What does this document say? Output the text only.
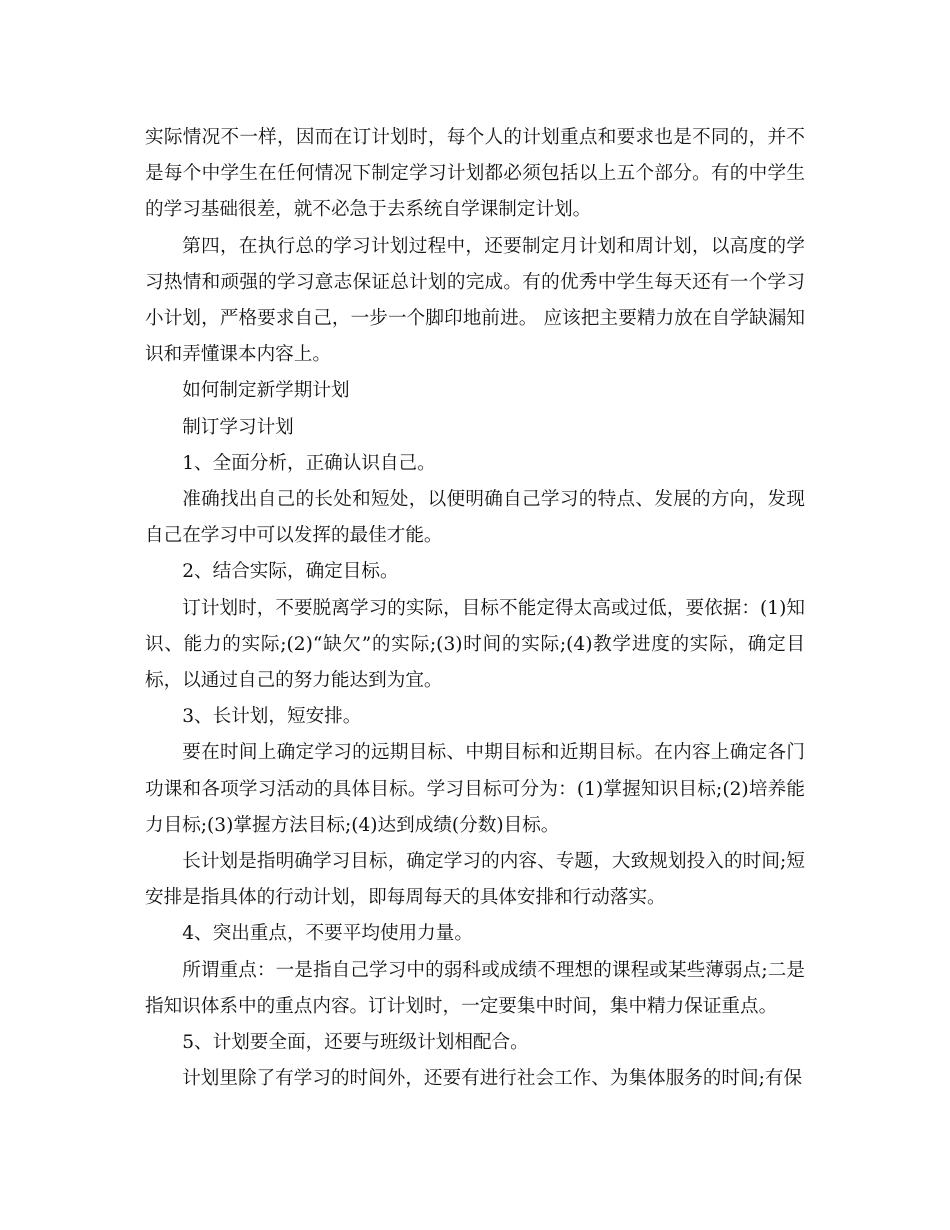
实际情况不一样，因而在订计划时，每个人的计划重点和要求也是不同的，并不是每个中学生在任何情况下制定学习计划都必须包括以上五个部分。有的中学生的学习基础很差，就不必急于去系统自学课制定计划。

第四，在执行总的学习计划过程中，还要制定月计划和周计划，以高度的学习热情和顽强的学习意志保证总计划的完成。有的优秀中学生每天还有一个学习小计划，严格要求自己，一步一个脚印地前进。 应该把主要精力放在自学缺漏知识和弄懂课本内容上。

如何制定新学期计划

制订学习计划

1、全面分析，正确认识自己。

准确找出自己的长处和短处，以便明确自己学习的特点、发展的方向，发现自己在学习中可以发挥的最佳才能。

2、结合实际，确定目标。

订计划时，不要脱离学习的实际，目标不能定得太高或过低，要依据：(1)知识、能力的实际;(2)“缺欠”的实际;(3)时间的实际;(4)教学进度的实际，确定目标，以通过自己的努力能达到为宜。

3、长计划，短安排。

要在时间上确定学习的远期目标、中期目标和近期目标。在内容上确定各门功课和各项学习活动的具体目标。学习目标可分为：(1)掌握知识目标;(2)培养能力目标;(3)掌握方法目标;(4)达到成绩(分数)目标。

长计划是指明确学习目标，确定学习的内容、专题，大致规划投入的时间;短安排是指具体的行动计划，即每周每天的具体安排和行动落实。

4、突出重点，不要平均使用力量。

所谓重点：一是指自己学习中的弱科或成绩不理想的课程或某些薄弱点;二是指知识体系中的重点内容。订计划时，一定要集中时间，集中精力保证重点。

5、计划要全面，还要与班级计划相配合。

计划里除了有学习的时间外，还要有进行社会工作、为集体服务的时间;有保
